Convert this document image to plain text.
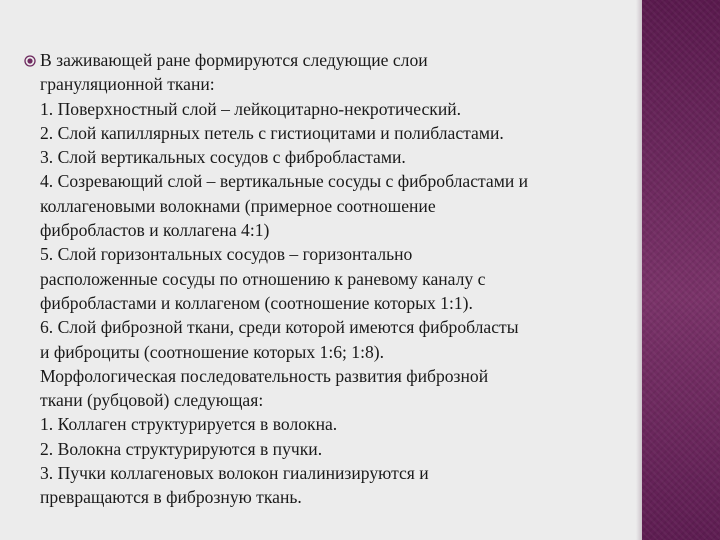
В заживающей ране формируются следующие слои
грануляционной ткани:
1. Поверхностный слой – лейкоцитарно-некротический.
2. Слой капиллярных петель с гистиоцитами и полибластами.
3. Слой вертикальных сосудов с фибробластами.
4. Созревающий слой – вертикальные сосуды с фибробластами и
коллагеновыми волокнами (примерное соотношение
фибробластов и коллагена 4:1)
5. Слой горизонтальных сосудов – горизонтально
расположенные сосуды по отношению к раневому каналу с
фибробластами и коллагеном (соотношение которых 1:1).
6. Слой фиброзной ткани, среди которой имеются фибробласты
и фиброциты (соотношение которых 1:6; 1:8).
Морфологическая последовательность развития фиброзной
ткани (рубцовой) следующая:
1. Коллаген структурируется в волокна.
2. Волокна структурируются в пучки.
3. Пучки коллагеновых волокон гиалинизируются и
превращаются в фиброзную ткань.
